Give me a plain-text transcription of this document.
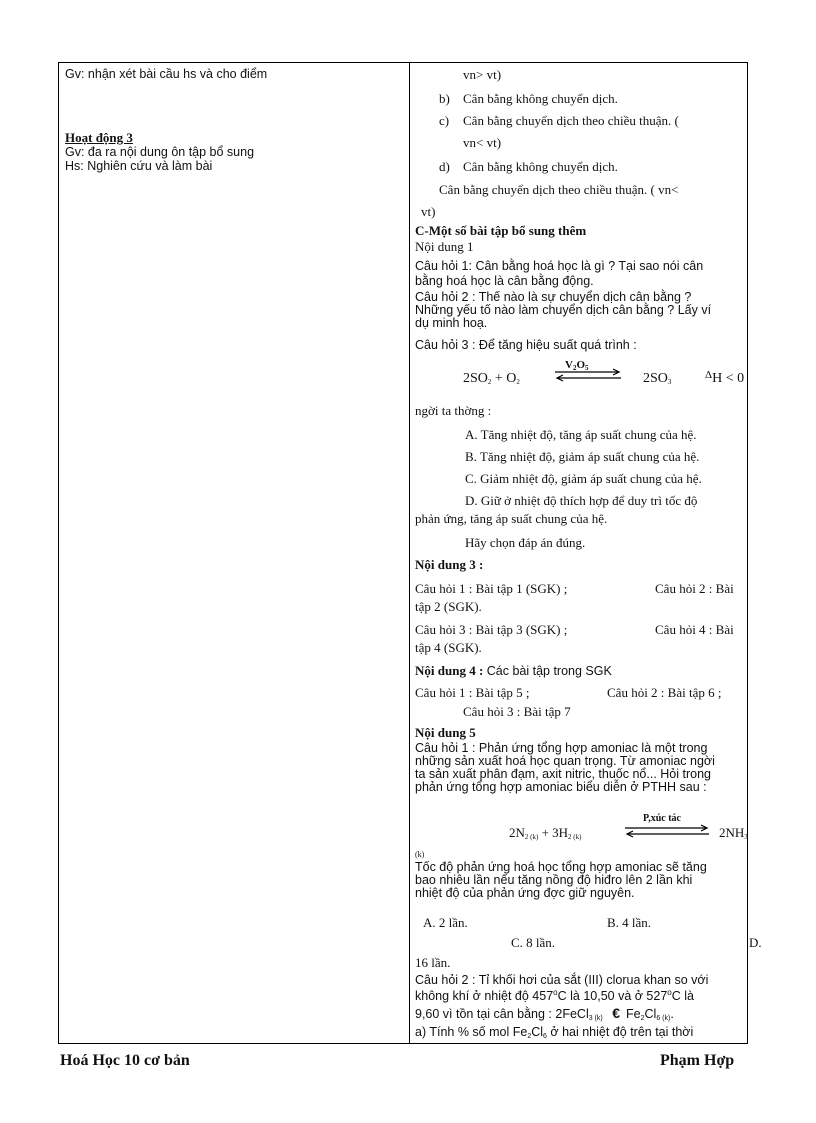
Gv: nhận xét bài cầu hs và cho điểm
Hoạt động 3
Gv: đa ra nội dung ôn tập bổ sung
Hs: Nghiên cứu và làm bài
vn> vt)
b) Cân bằng không chuyển dịch.
c) Cân bằng chuyển dịch theo chiều thuận. (
vn< vt)
d) Cân bằng không chuyển dịch.
Cân bằng chuyển dịch theo chiều thuận. ( vn<
vt)
C-Một số bài tập bổ sung thêm
Nội dung 1
Câu hỏi 1: Cân bằng hoá học là gì ? Tại sao nói cân
bằng hoá học là cân bằng động.
Câu hỏi 2 : Thế nào là sự chuyển dịch cân bằng ?
Những yếu tố nào làm chuyển dịch cân bằng ? Lấy ví
dụ minh hoạ.
Câu hỏi 3 : Để tăng hiệu suất quá trình :
$2SO_2 + O_2$
$V_2O_5$
$2SO_3$
$^\Delta$H < 0
ngời ta thờng :
A. Tăng nhiệt độ, tăng áp suất chung của hệ.
B. Tăng nhiệt độ, giảm áp suất chung của hệ.
C. Giảm nhiệt độ, giảm áp suất chung của hệ.
D. Giữ ở nhiệt độ thích hợp để duy trì tốc độ
phản ứng, tăng áp suất chung của hệ.
Hãy chọn đáp án đúng.
Nội dung 3 :
Câu hỏi 1 : Bài tập 1 (SGK) ;	Câu hỏi 2 : Bài
tập 2 (SGK).
Câu hỏi 3 : Bài tập 3 (SGK) ;	Câu hỏi 4 : Bài
tập 4 (SGK).
Nội dung 4 : Các bài tập trong SGK
Câu hỏi 1 : Bài tập 5 ;	Câu hỏi 2 : Bài tập 6 ;
Câu hỏi 3 : Bài tập 7
Nội dung 5
Câu hỏi 1 : Phản ứng tổng hợp amoniac là một trong
những sản xuất hoá học quan trọng. Từ amoniac ngời
ta sản xuất phân đạm, axit nitric, thuốc nổ... Hỏi trong
phản ứng tổng hợp amoniac biểu diễn ở PTHH sau :
$2N_{2 (k)} + 3H_{2 (k)}$
P,xúc tác
$2NH_3$
(k)
Tốc độ phản ứng hoá học tổng hợp amoniac sẽ tăng
bao nhiêu lần nếu tăng nồng độ hiđro lên 2 lần khi
nhiệt độ của phản ứng đợc giữ nguyên.
A. 2 lần.	B. 4 lần.
C. 8 lần.	D.
16 lần.
Câu hỏi 2 : Tỉ khối hơi của sắt (III) clorua khan so với
không khí ở nhiệt độ 457$^o$C là 10,50 và ở 527$^o$C là
9,60 vì tồn tại cân bằng : 2FeCl$_{3 (k)}$ € $Fe_2Cl_{6 (k)}$.
a) Tính % số mol $Fe_2Cl_6$ ở hai nhiệt độ trên tại thời
Hoá Học 10 cơ bản	Phạm Hợp
